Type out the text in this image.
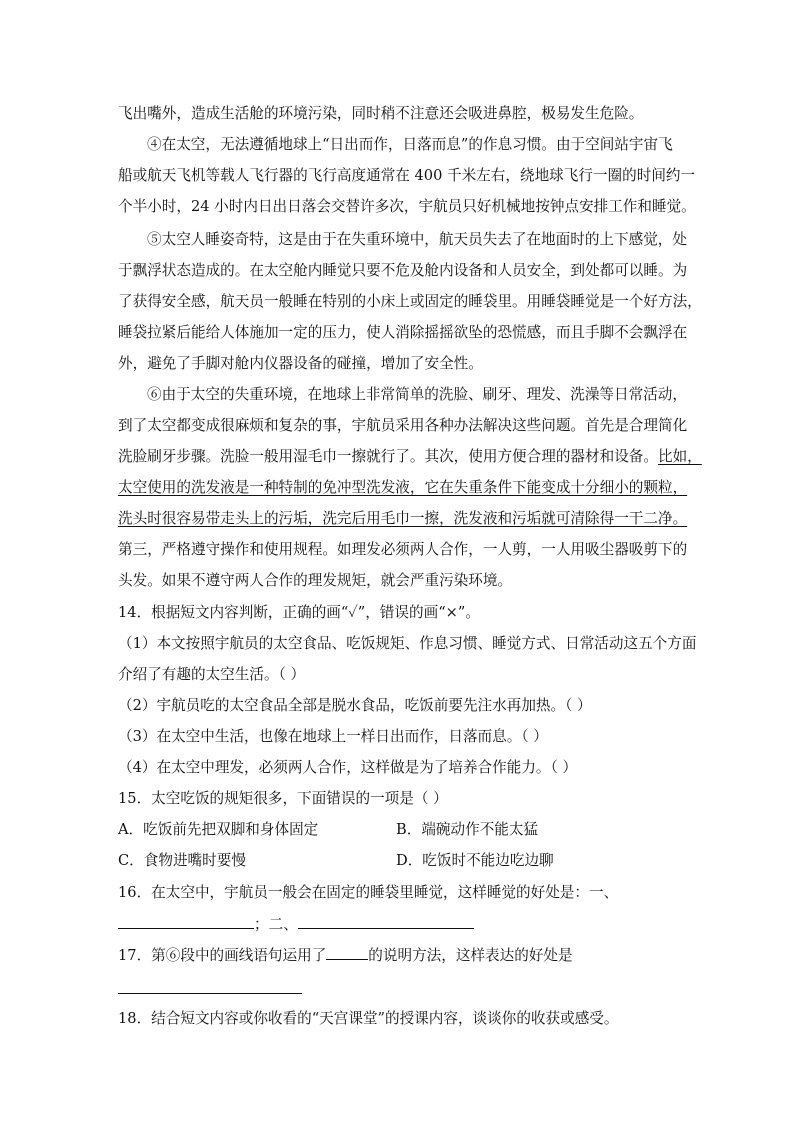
飞出嘴外，造成生活舱的环境污染，同时稍不注意还会吸进鼻腔，极易发生危险。
④在太空，无法遵循地球上“日出而作，日落而息”的作息习惯。由于空间站宇宙飞
船或航天飞机等载人飞行器的飞行高度通常在 400 千米左右，绕地球飞行一圈的时间约一
个半小时，24 小时内日出日落会交替许多次，宇航员只好机械地按钟点安排工作和睡觉。
⑤太空人睡姿奇特，这是由于在失重环境中，航天员失去了在地面时的上下感觉，处
于飘浮状态造成的。在太空舱内睡觉只要不危及舱内设备和人员安全，到处都可以睡。为
了获得安全感，航天员一般睡在特别的小床上或固定的睡袋里。用睡袋睡觉是一个好方法，
睡袋拉紧后能给人体施加一定的压力，使人消除摇摇欲坠的恐慌感，而且手脚不会飘浮在
外，避免了手脚对舱内仪器设备的碰撞，增加了安全性。
⑥由于太空的失重环境，在地球上非常简单的洗脸、刷牙、理发、洗澡等日常活动，
到了太空都变成很麻烦和复杂的事，宇航员采用各种办法解决这些问题。首先是合理简化
洗脸刷牙步骤。洗脸一般用湿毛巾一擦就行了。其次，使用方便合理的器材和设备。比如，
太空使用的洗发液是一种特制的免冲型洗发液，它在失重条件下能变成十分细小的颗粒，
洗头时很容易带走头上的污垢，洗完后用毛巾一擦，洗发液和污垢就可清除得一干二净。
第三，严格遵守操作和使用规程。如理发必须两人合作，一人剪，一人用吸尘器吸剪下的
头发。如果不遵守两人合作的理发规矩，就会严重污染环境。
14．根据短文内容判断，正确的画“✓”，错误的画“×”。
（1）本文按照宇航员的太空食品、吃饭规矩、作息习惯、睡觉方式、日常活动这五个方面
介绍了有趣的太空生活。（ ）
（2）宇航员吃的太空食品全部是脱水食品，吃饭前要先注水再加热。（ ）
（3）在太空中生活，也像在地球上一样日出而作，日落而息。（ ）
（4）在太空中理发，必须两人合作，这样做是为了培养合作能力。（ ）
15．太空吃饭的规矩很多，下面错误的一项是（ ）
A．吃饭前先把双脚和身体固定	B．端碗动作不能太猛
C．食物进嘴时要慢	D．吃饭时不能边吃边聊
16．在太空中，宇航员一般会在固定的睡袋里睡觉，这样睡觉的好处是：一、
；二、
17．第⑥段中的画线语句运用了	的说明方法，这样表达的好处是
18．结合短文内容或你收看的“天宫课堂”的授课内容，谈谈你的收获或感受。
